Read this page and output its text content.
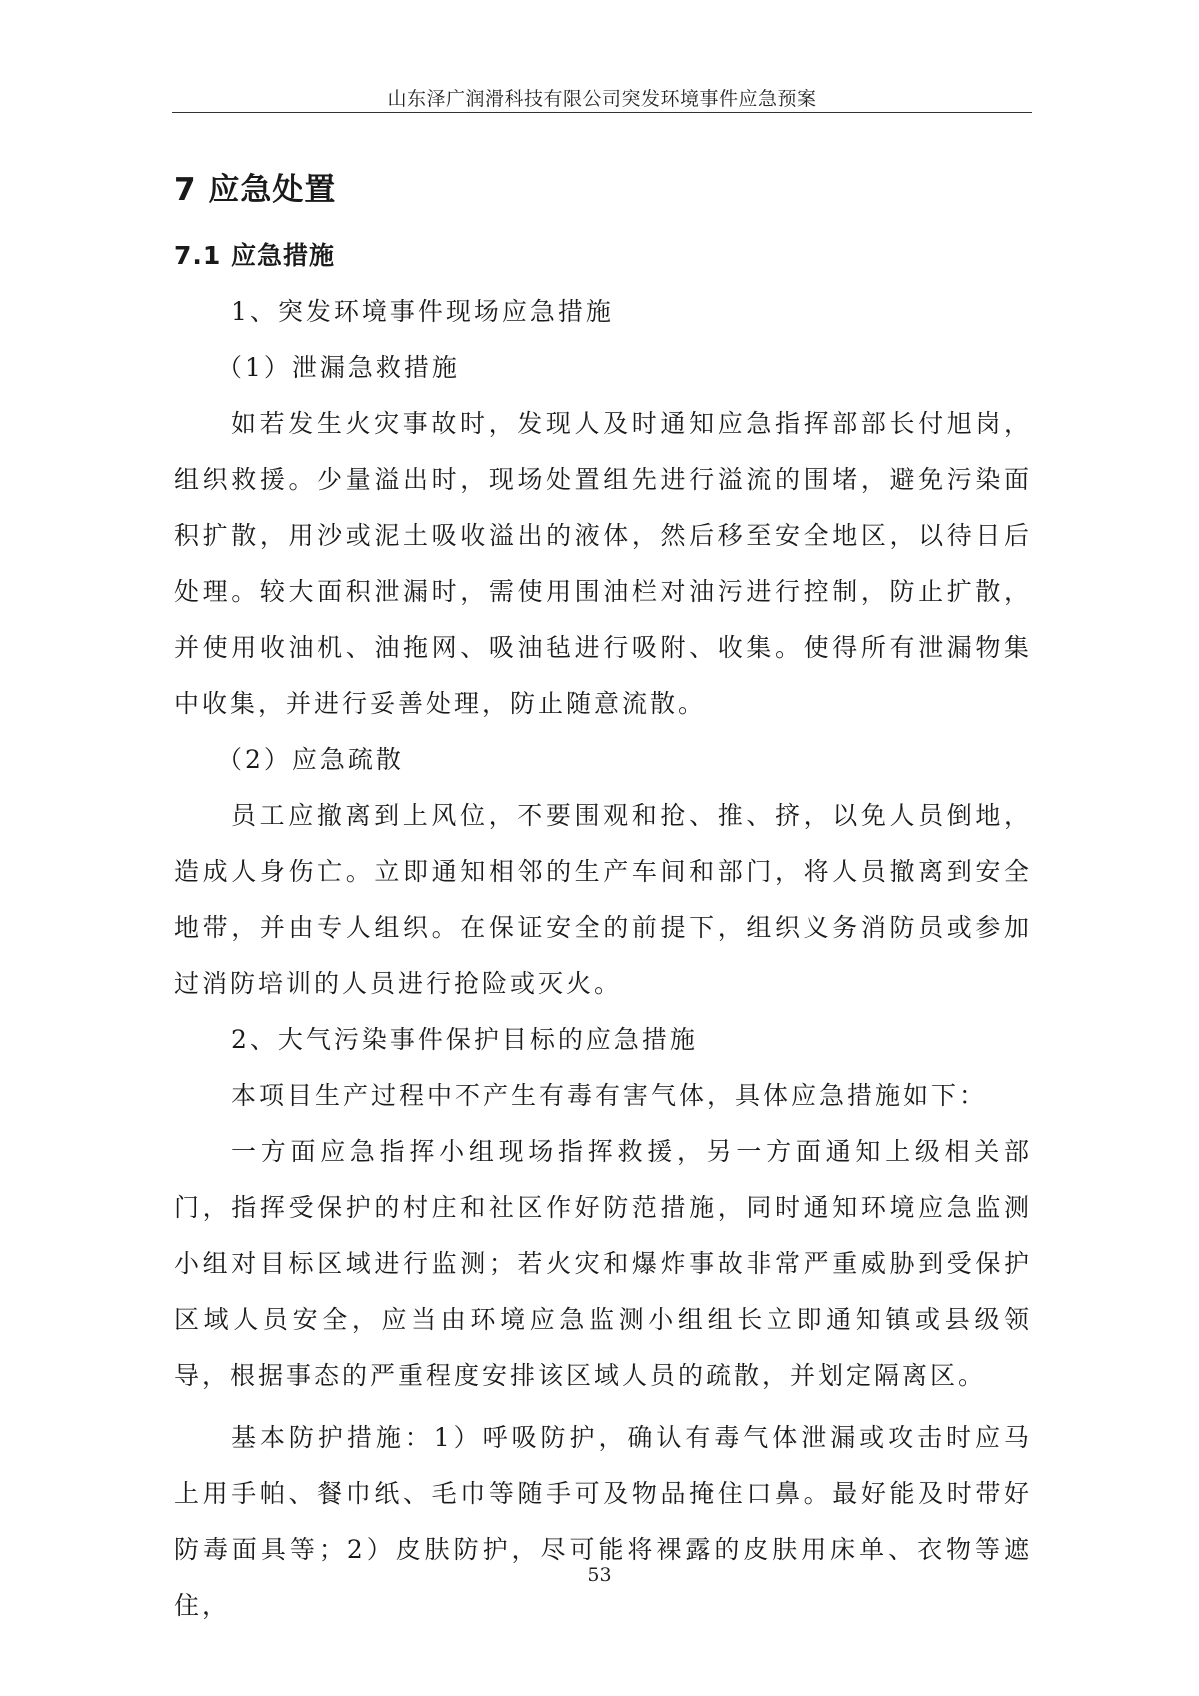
山东泽广润滑科技有限公司突发环境事件应急预案
7 应急处置
7.1 应急措施

1、突发环境事件现场应急措施

（1）泄漏急救措施

如若发生火灾事故时，发现人及时通知应急指挥部部长付旭岗，组织救援。少量溢出时，现场处置组先进行溢流的围堵，避免污染面积扩散，用沙或泥土吸收溢出的液体，然后移至安全地区，以待日后处理。较大面积泄漏时，需使用围油栏对油污进行控制，防止扩散，并使用收油机、油拖网、吸油毡进行吸附、收集。使得所有泄漏物集中收集，并进行妥善处理，防止随意流散。

（2）应急疏散

员工应撤离到上风位，不要围观和抢、推、挤，以免人员倒地，造成人身伤亡。立即通知相邻的生产车间和部门，将人员撤离到安全地带，并由专人组织。在保证安全的前提下，组织义务消防员或参加过消防培训的人员进行抢险或灭火。

2、大气污染事件保护目标的应急措施

本项目生产过程中不产生有毒有害气体，具体应急措施如下：

一方面应急指挥小组现场指挥救援，另一方面通知上级相关部门，指挥受保护的村庄和社区作好防范措施，同时通知环境应急监测小组对目标区域进行监测；若火灾和爆炸事故非常严重威胁到受保护区域人员安全，应当由环境应急监测小组组长立即通知镇或县级领导，根据事态的严重程度安排该区域人员的疏散，并划定隔离区。

基本防护措施：1）呼吸防护，确认有毒气体泄漏或攻击时应马上用手帕、餐巾纸、毛巾等随手可及物品掩住口鼻。最好能及时带好防毒面具等；2）皮肤防护，尽可能将裸露的皮肤用床单、衣物等遮住，

53
